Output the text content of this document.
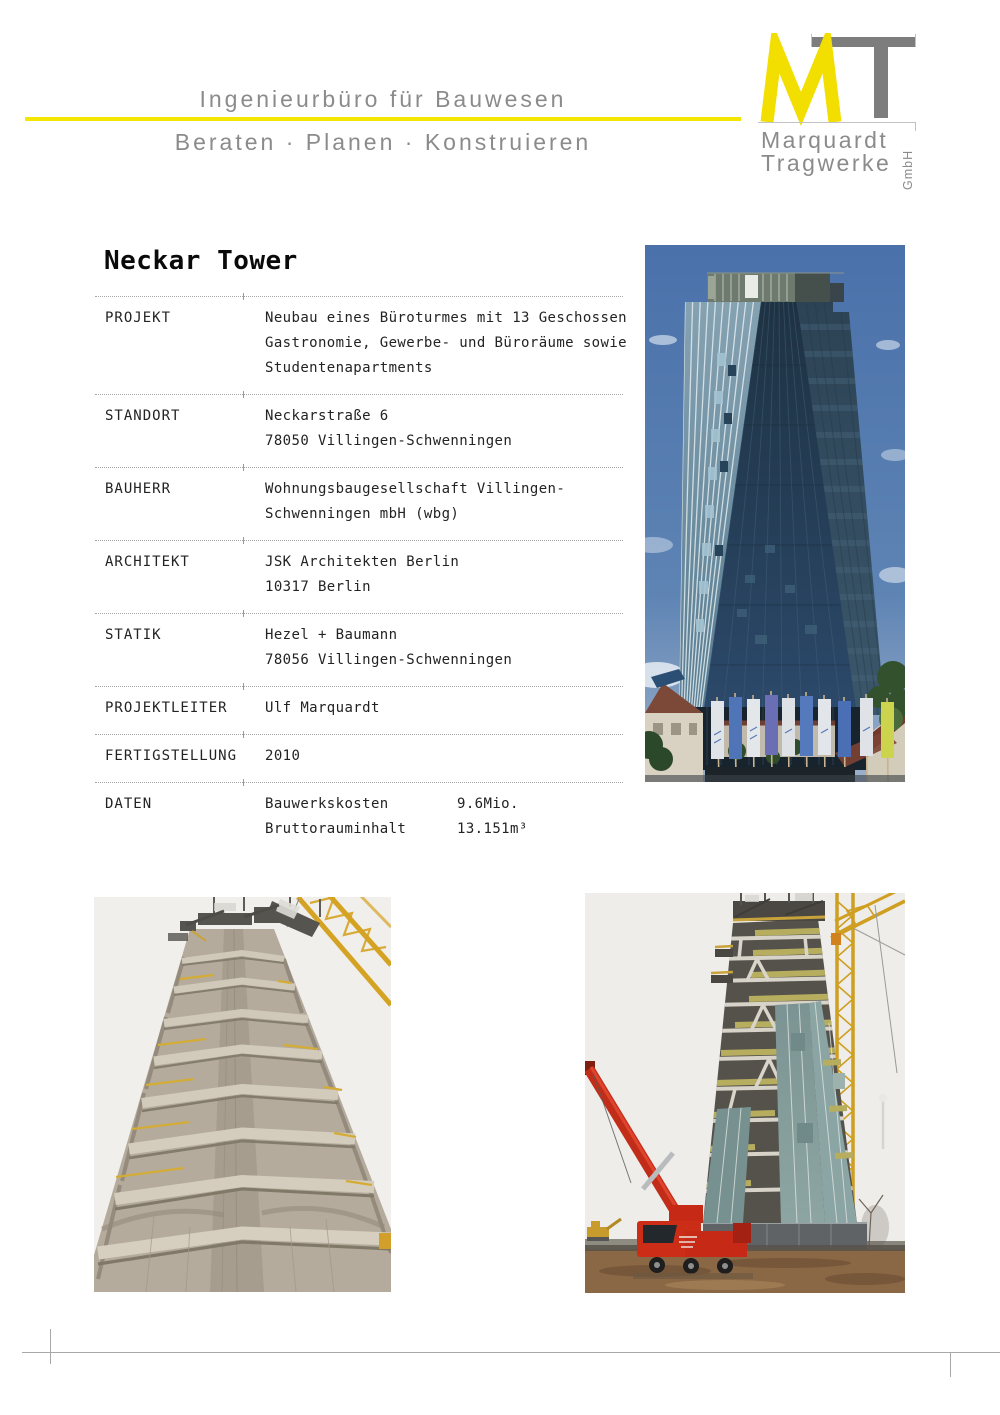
Ingenieurbüro für Bauwesen
Beraten · Planen · Konstruieren	Marquardt
Tragwerke GmbH
Neckar Tower
PROJEKT	Neubau eines Büroturmes mit 13 Geschossen
Gastronomie, Gewerbe- und Büroräume sowie
Studentenapartments
STANDORT	Neckarstraße 6
78050 Villingen-Schwenningen
BAUHERR	Wohnungsbaugesellschaft Villingen-
Schwenningen mbH (wbg)
ARCHITEKT	JSK Architekten Berlin
10317 Berlin
STATIK	Hezel + Baumann
78056 Villingen-Schwenningen
PROJEKTLEITER	Ulf Marquardt
FERTIGSTELLUNG	2010
DATEN	Bauwerkskosten	9.6Mio.
Bruttorauminhalt	13.151m³
